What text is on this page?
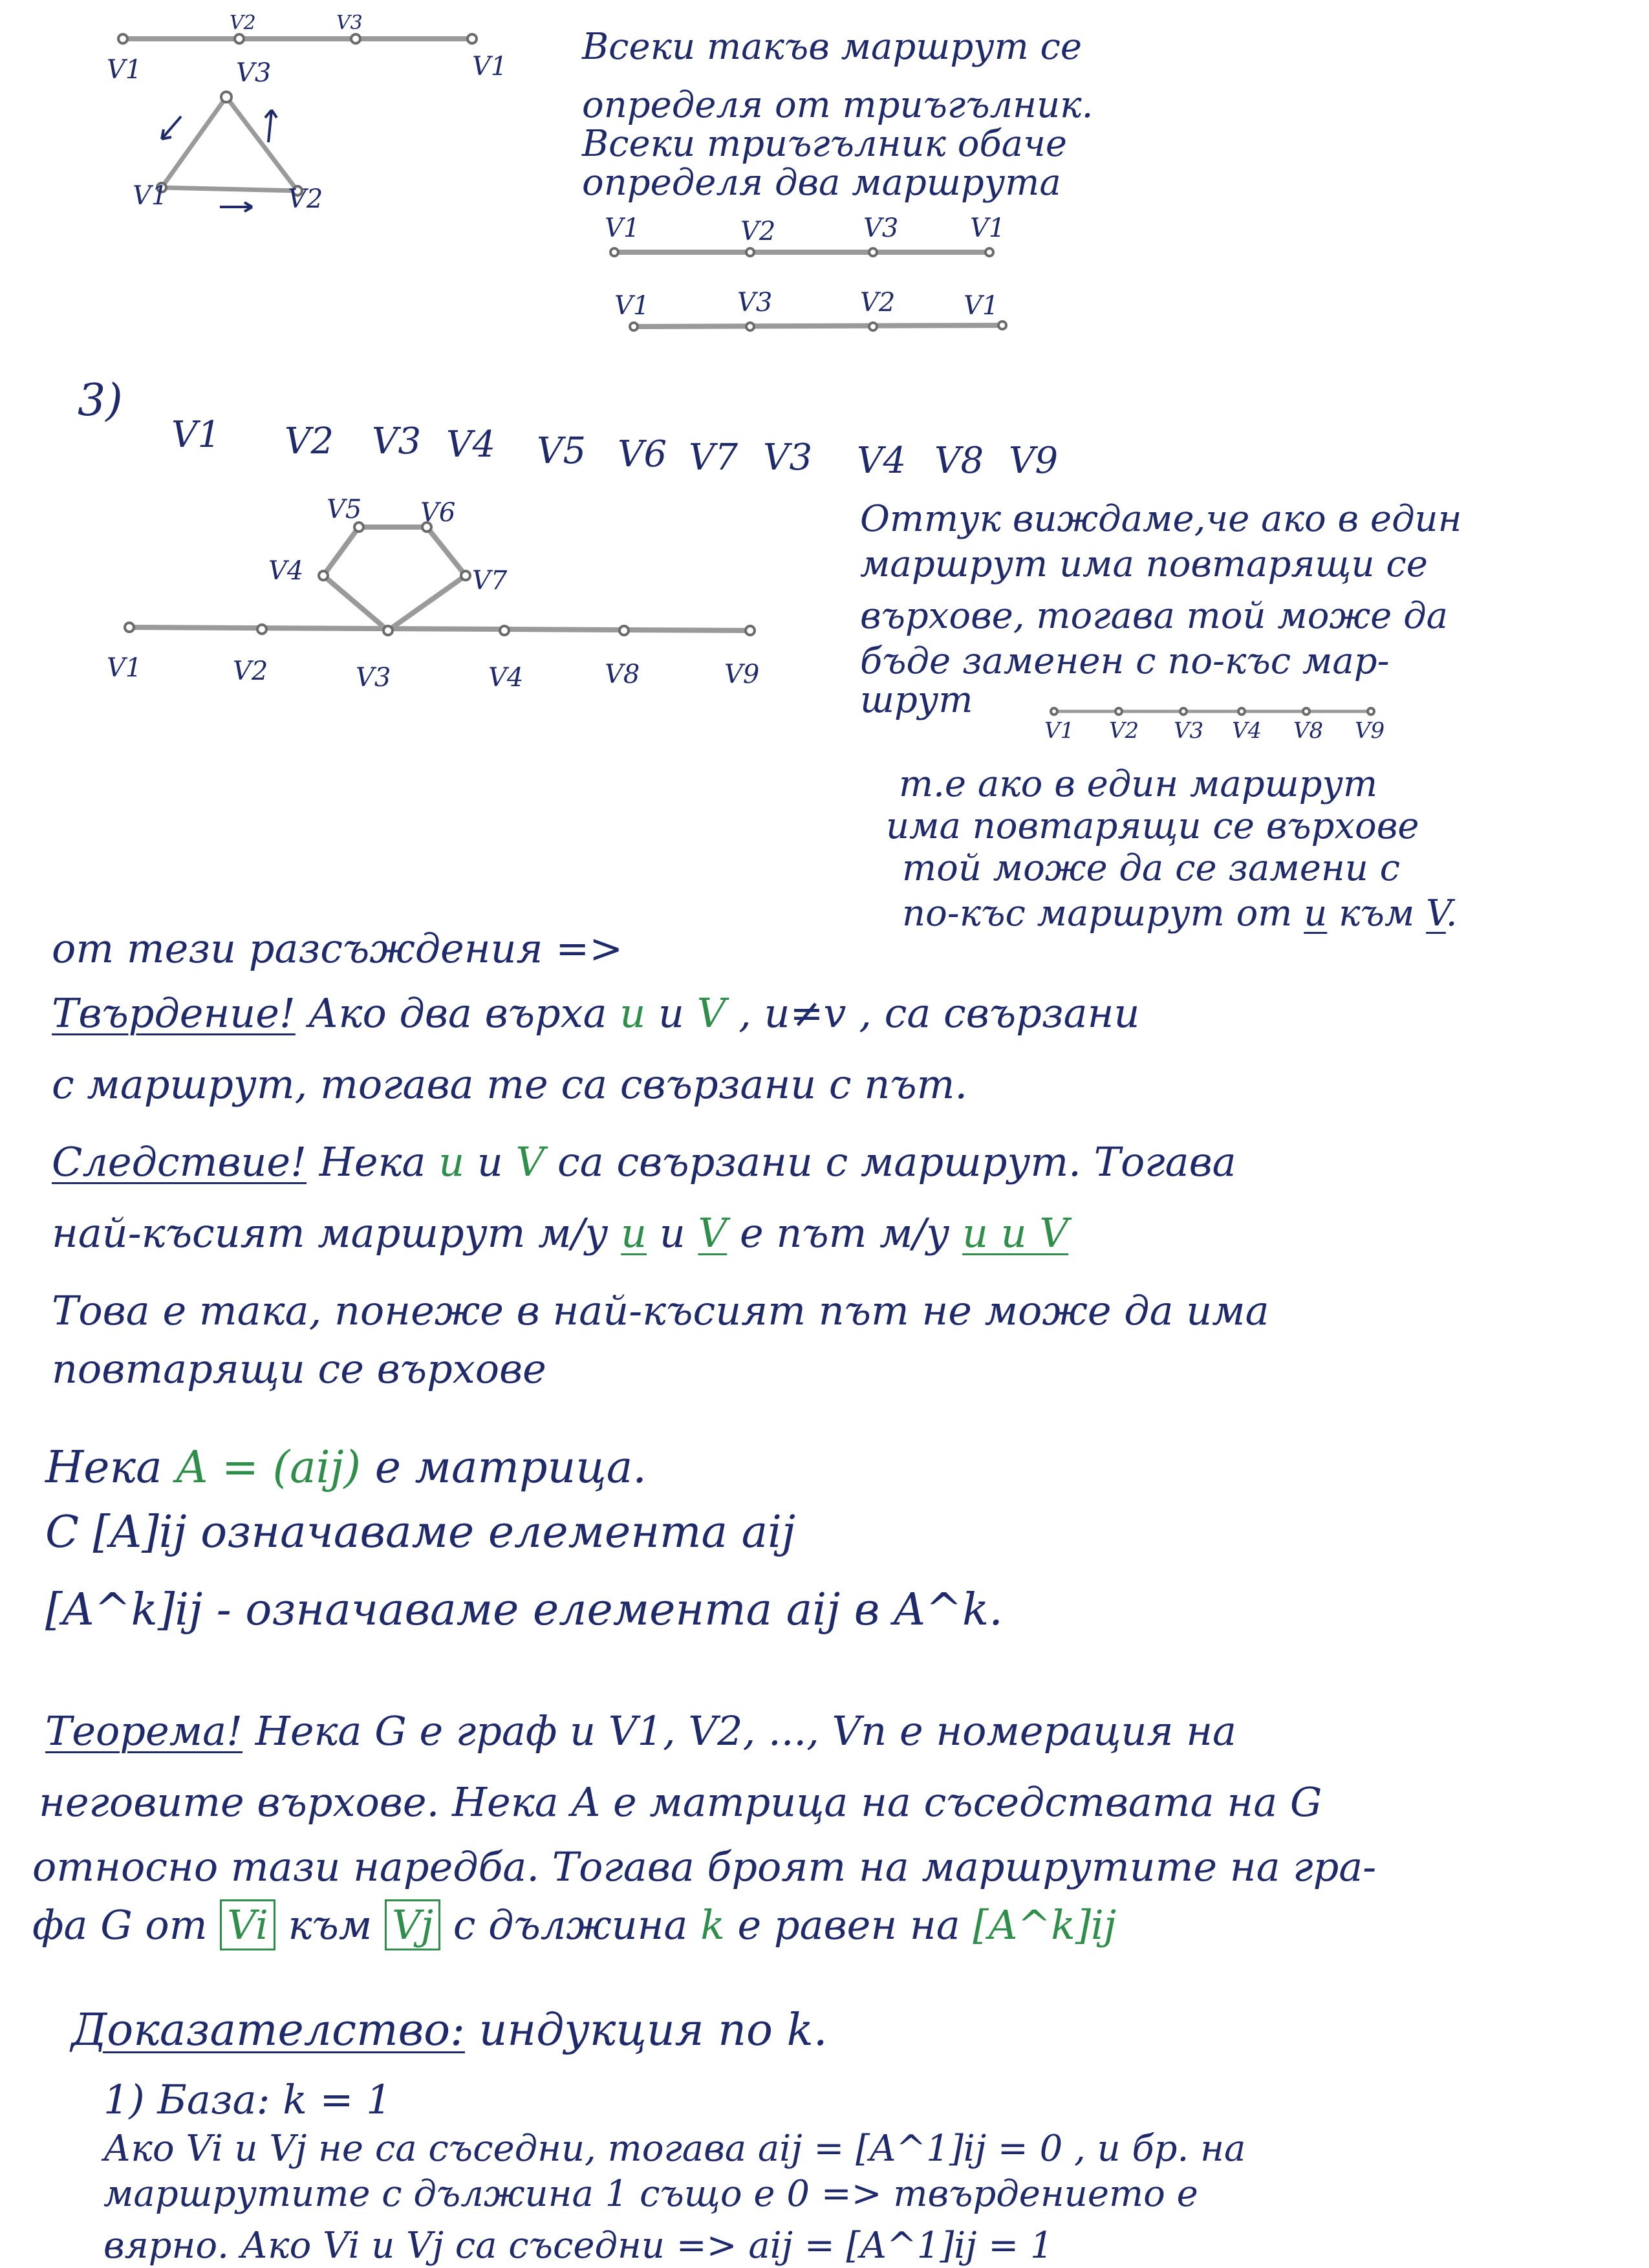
V1
V2
V3
V3
V1
V1	V2
Всеки такъв маршрут се
определя от триъгълник.
Всеки триъгълник обаче
определя два маршрута
V1	V2	V3	V1
V1	V3	V2	V1
3)
V1 V2 V3 V4 V5 V6 V7 V3 V4 V8 V9
V5 V6
V4	V7
V1	V2	V3	V4	V8	V9
Оттук виждаме,че ако в един
маршрут има повтарящи се
върхове, тогава той може да
бъде заменен с по-къс мар-
шрут
V1 V2 V3 V4 V8 V9
т.е ако в един маршрут
има повтарящи се върхове
той може да се замени с
по-къс маршрут от u към V.
от тези разсъждения =>
Твърдение! Ако два върха u и V , u≠v , са свързани
с маршрут, тогава те са свързани с път.
Следствие! Нека u и V са свързани с маршрут. Тогава
най-късият маршрут м/у u и V е път м/у u и V
Това е така, понеже в най-късият път не може да има
повтарящи се върхове
Нека A = (aij) е матрица.
С [A]ij означаваме елемента aij
[A^k]ij - означаваме елемента aij в A^k.
Теорема! Нека G е граф и V1, V2, ..., Vn е номерация на
неговите върхове. Нека A е матрица на съседствата на G
относно тази наредба. Тогава броят на маршрутите на гра-
фа G от Vi към Vj с дължина k е равен на [A^k]ij
Доказателство: индукция по k.
1) База: k = 1
Ако Vi и Vj не са съседни, тогава aij = [A^1]ij = 0 , и бр. на
маршрутите с дължина 1 също е 0 => твърдението е
вярно. Ако Vi и Vj са съседни => aij = [A^1]ij = 1
